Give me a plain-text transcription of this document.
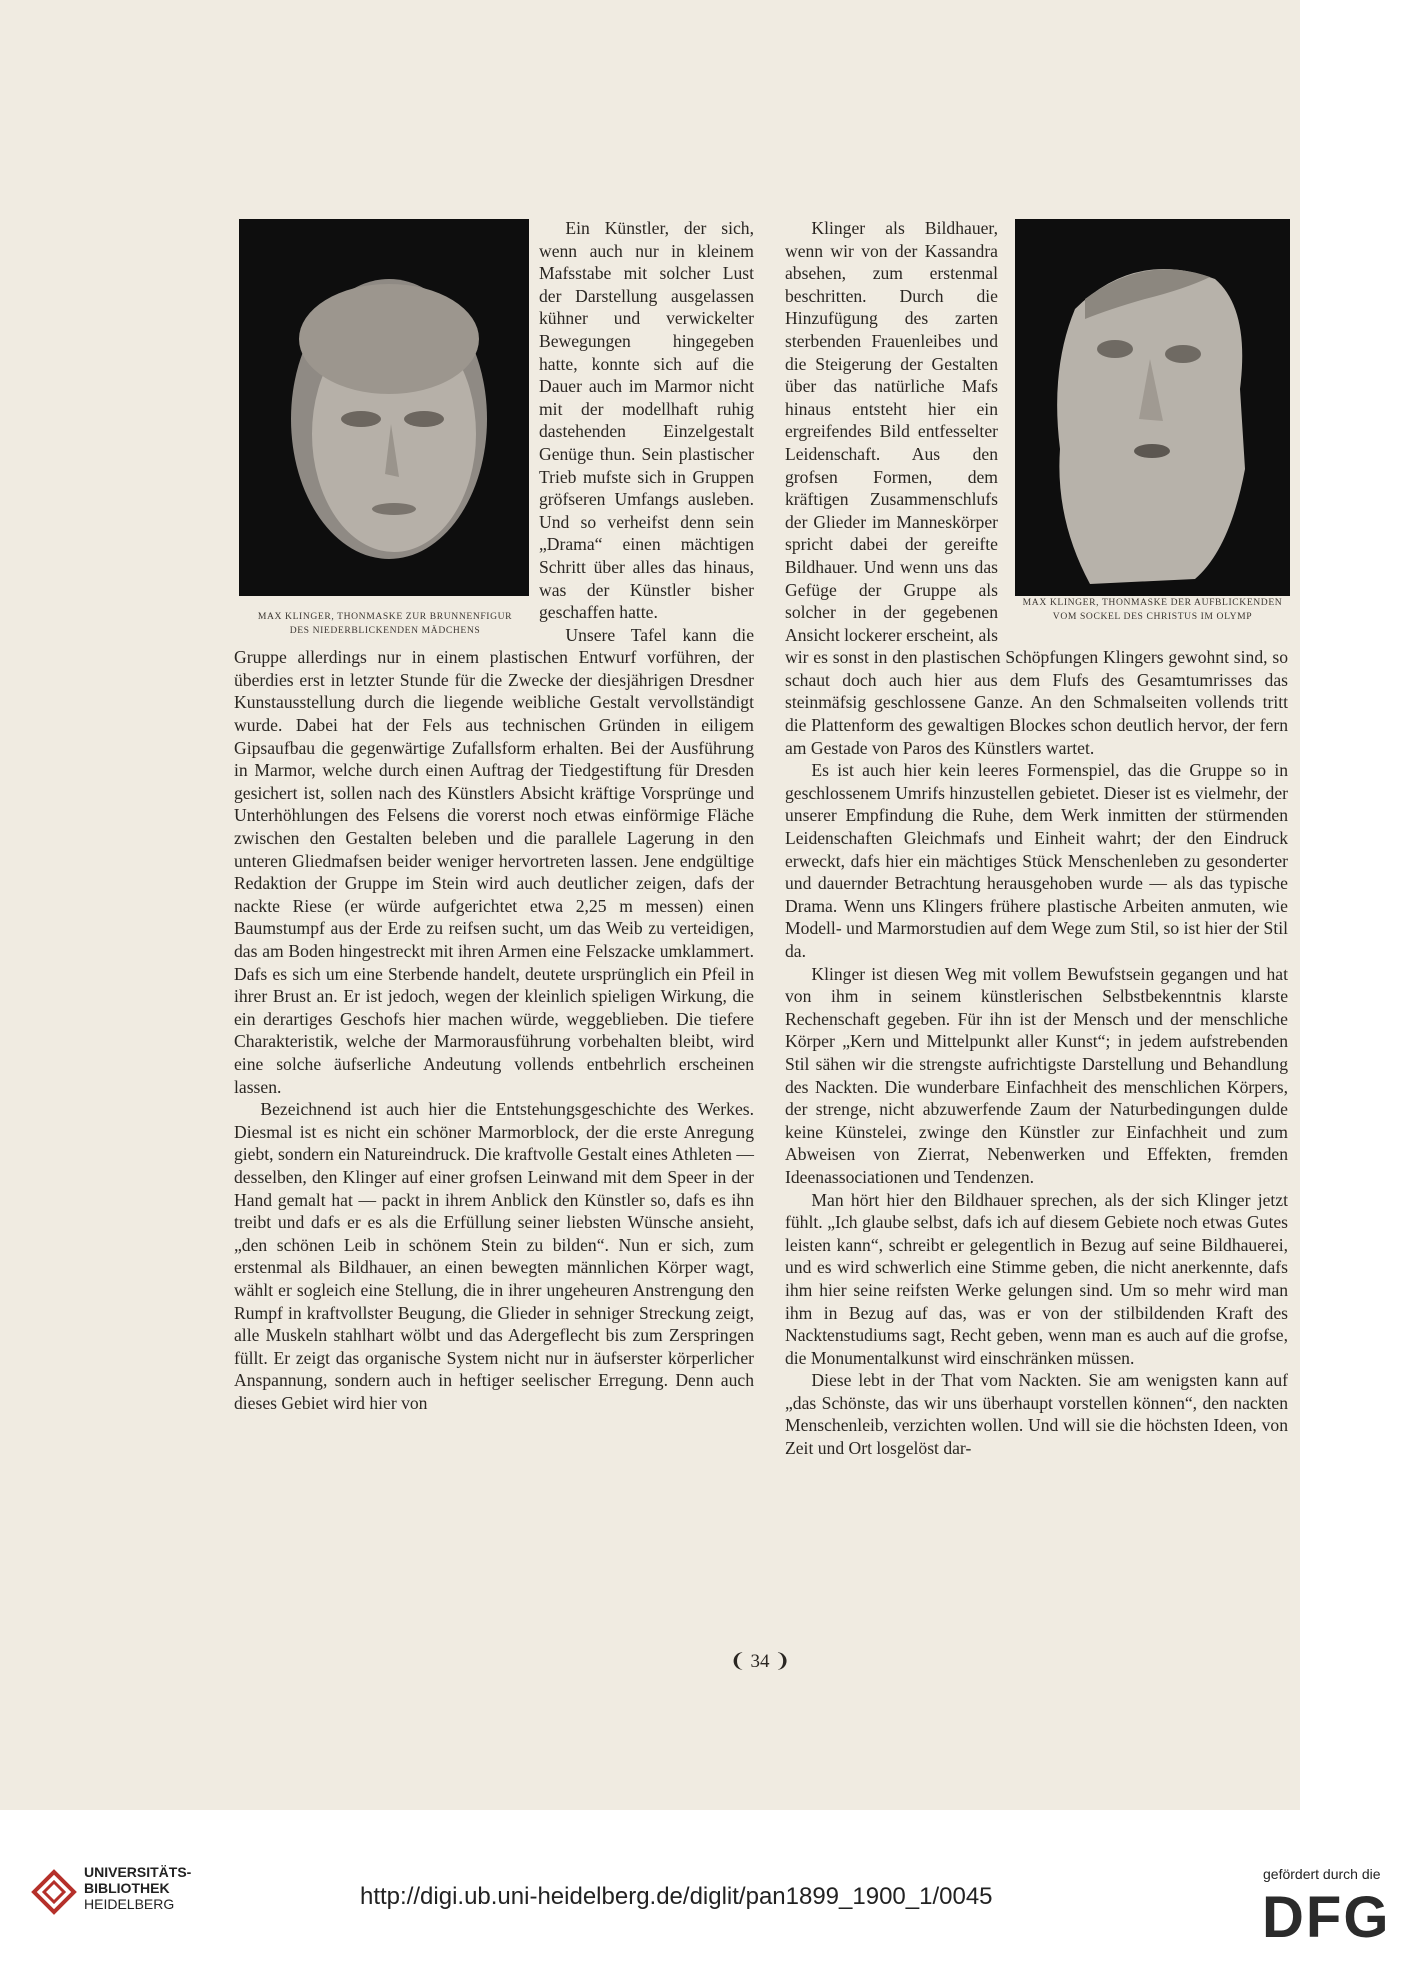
MAX KLINGER, THONMASKE ZUR BRUNNENFIGUR
DES NIEDERBLICKENDEN MÄDCHENS
MAX KLINGER, THONMASKE DER AUFBLICKENDEN
VOM SOCKEL DES CHRISTUS IM OLYMP

Ein Künstler, der sich, wenn auch nur in kleinem Mafsstabe mit solcher Lust der Darstellung ausgelassen kühner und verwickelter Bewegungen hingegeben hatte, konnte sich auf die Dauer auch im Marmor nicht mit der modellhaft ruhig dastehenden Einzelgestalt Genüge thun. Sein plastischer Trieb mufste sich in Gruppen gröfseren Umfangs ausleben. Und so verheifst denn sein „Drama“ einen mächtigen Schritt über alles das hinaus, was der Künstler bisher geschaffen hatte.

Unsere Tafel kann die Gruppe allerdings nur in einem plastischen Entwurf vorführen, der überdies erst in letzter Stunde für die Zwecke der diesjährigen Dresdner Kunstausstellung durch die liegende weibliche Gestalt vervollständigt wurde. Dabei hat der Fels aus technischen Gründen in eiligem Gipsaufbau die gegenwärtige Zufallsform erhalten. Bei der Ausführung in Marmor, welche durch einen Auftrag der Tiedgestiftung für Dresden gesichert ist, sollen nach des Künstlers Absicht kräftige Vorsprünge und Unterhöhlungen des Felsens die vorerst noch etwas einförmige Fläche zwischen den Gestalten beleben und die parallele Lagerung in den unteren Gliedmafsen beider weniger hervortreten lassen. Jene endgültige Redaktion der Gruppe im Stein wird auch deutlicher zeigen, dafs der nackte Riese (er würde aufgerichtet etwa 2,25 m messen) einen Baumstumpf aus der Erde zu reifsen sucht, um das Weib zu verteidigen, das am Boden hingestreckt mit ihren Armen eine Felszacke umklammert. Dafs es sich um eine Sterbende handelt, deutete ursprünglich ein Pfeil in ihrer Brust an. Er ist jedoch, wegen der kleinlich spieligen Wirkung, die ein derartiges Geschofs hier machen würde, weggeblieben. Die tiefere Charakteristik, welche der Marmorausführung vorbehalten bleibt, wird eine solche äufserliche Andeutung vollends entbehrlich erscheinen lassen.

Bezeichnend ist auch hier die Entstehungsgeschichte des Werkes. Diesmal ist es nicht ein schöner Marmorblock, der die erste Anregung giebt, sondern ein Natureindruck. Die kraftvolle Gestalt eines Athleten — desselben, den Klinger auf einer grofsen Leinwand mit dem Speer in der Hand gemalt hat — packt in ihrem Anblick den Künstler so, dafs es ihn treibt und dafs er es als die Erfüllung seiner liebsten Wünsche ansieht, „den schönen Leib in schönem Stein zu bilden“. Nun er sich, zum erstenmal als Bildhauer, an einen bewegten männlichen Körper wagt, wählt er sogleich eine Stellung, die in ihrer ungeheuren Anstrengung den Rumpf in kraftvollster Beugung, die Glieder in sehniger Streckung zeigt, alle Muskeln stahlhart wölbt und das Adergeflecht bis zum Zerspringen füllt. Er zeigt das organische System nicht nur in äufserster körperlicher Anspannung, sondern auch in heftiger seelischer Erregung. Denn auch dieses Gebiet wird hier von

Klinger als Bildhauer, wenn wir von der Kassandra absehen, zum erstenmal beschritten. Durch die Hinzufügung des zarten sterbenden Frauenleibes und die Steigerung der Gestalten über das natürliche Mafs hinaus entsteht hier ein ergreifendes Bild entfesselter Leidenschaft. Aus den grofsen Formen, dem kräftigen Zusammenschlufs der Glieder im Manneskörper spricht dabei der gereifte Bildhauer. Und wenn uns das Gefüge der Gruppe als solcher in der gegebenen Ansicht lockerer erscheint, als wir es sonst in den plastischen Schöpfungen Klingers gewohnt sind, so schaut doch auch hier aus dem Flufs des Gesamtumrisses das steinmäfsig geschlossene Ganze. An den Schmalseiten vollends tritt die Plattenform des gewaltigen Blockes schon deutlich hervor, der fern am Gestade von Paros des Künstlers wartet.

Es ist auch hier kein leeres Formenspiel, das die Gruppe so in geschlossenem Umrifs hinzustellen gebietet. Dieser ist es vielmehr, der unserer Empfindung die Ruhe, dem Werk inmitten der stürmenden Leidenschaften Gleichmafs und Einheit wahrt; der den Eindruck erweckt, dafs hier ein mächtiges Stück Menschenleben zu gesonderter und dauernder Betrachtung herausgehoben wurde — als das typische Drama. Wenn uns Klingers frühere plastische Arbeiten anmuten, wie Modell- und Marmorstudien auf dem Wege zum Stil, so ist hier der Stil da.

Klinger ist diesen Weg mit vollem Bewufstsein gegangen und hat von ihm in seinem künstlerischen Selbstbekenntnis klarste Rechenschaft gegeben. Für ihn ist der Mensch und der menschliche Körper „Kern und Mittelpunkt aller Kunst“; in jedem aufstrebenden Stil sähen wir die strengste aufrichtigste Darstellung und Behandlung des Nackten. Die wunderbare Einfachheit des menschlichen Körpers, der strenge, nicht abzuwerfende Zaum der Naturbedingungen dulde keine Künstelei, zwinge den Künstler zur Einfachheit und zum Abweisen von Zierrat, Nebenwerken und Effekten, fremden Ideenassociationen und Tendenzen.

Man hört hier den Bildhauer sprechen, als der sich Klinger jetzt fühlt. „Ich glaube selbst, dafs ich auf diesem Gebiete noch etwas Gutes leisten kann“, schreibt er gelegentlich in Bezug auf seine Bildhauerei, und es wird schwerlich eine Stimme geben, die nicht anerkennte, dafs ihm hier seine reifsten Werke gelungen sind. Um so mehr wird man ihm in Bezug auf das, was er von der stilbildenden Kraft des Nacktenstudiums sagt, Recht geben, wenn man es auch auf die grofse, die Monumentalkunst wird einschränken müssen.

Diese lebt in der That vom Nackten. Sie am wenigsten kann auf „das Schönste, das wir uns überhaupt vorstellen können“, den nackten Menschenleib, verzichten wollen. Und will sie die höchsten Ideen, von Zeit und Ort losgelöst dar-

❨ 34 ❩
UNIVERSITÄTS-
BIBLIOTHEK
HEIDELBERG	http://digi.ub.uni-heidelberg.de/diglit/pan1899_1900_1/0045
gefördert durch die
DFG
